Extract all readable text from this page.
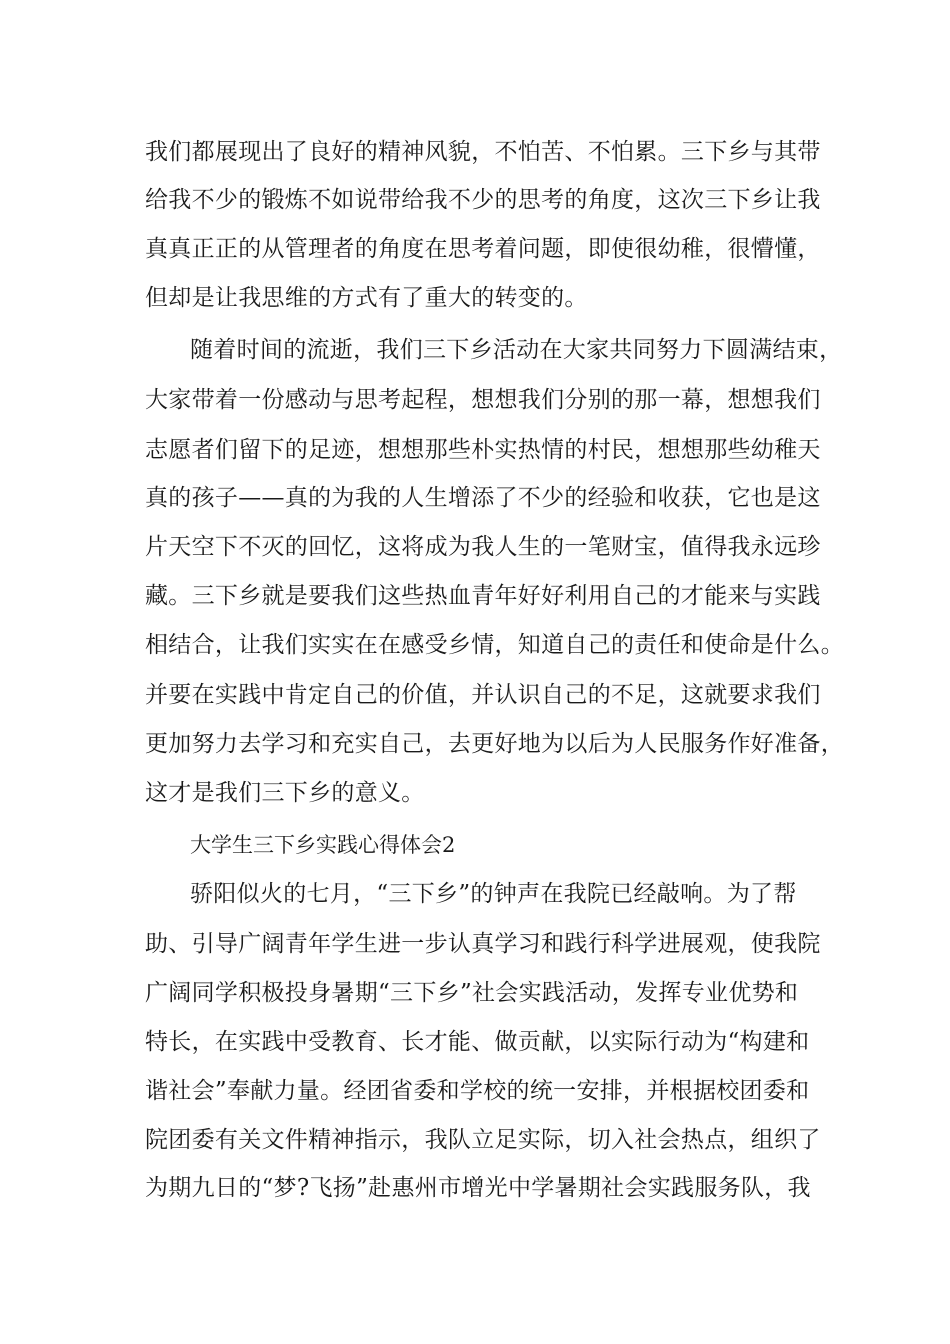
我们都展现出了良好的精神风貌，不怕苦、不怕累。三下乡与其带
给我不少的锻炼不如说带给我不少的思考的角度，这次三下乡让我
真真正正的从管理者的角度在思考着问题，即使很幼稚，很懵懂，
但却是让我思维的方式有了重大的转变的。
随着时间的流逝，我们三下乡活动在大家共同努力下圆满结束，
大家带着一份感动与思考起程，想想我们分别的那一幕，想想我们
志愿者们留下的足迹，想想那些朴实热情的村民，想想那些幼稚天
真的孩子——真的为我的人生增添了不少的经验和收获，它也是这
片天空下不灭的回忆，这将成为我人生的一笔财宝，值得我永远珍
藏。三下乡就是要我们这些热血青年好好利用自己的才能来与实践
相结合，让我们实实在在感受乡情，知道自己的责任和使命是什么。
并要在实践中肯定自己的价值，并认识自己的不足，这就要求我们
更加努力去学习和充实自己，去更好地为以后为人民服务作好准备，
这才是我们三下乡的意义。
大学生三下乡实践心得体会2
骄阳似火的七月，“三下乡”的钟声在我院已经敲响。为了帮
助、引导广阔青年学生进一步认真学习和践行科学进展观，使我院
广阔同学积极投身暑期“三下乡”社会实践活动，发挥专业优势和
特长，在实践中受教育、长才能、做贡献，以实际行动为“构建和
谐社会”奉献力量。经团省委和学校的统一安排，并根据校团委和
院团委有关文件精神指示，我队立足实际，切入社会热点，组织了
为期九日的“梦?飞扬”赴惠州市增光中学暑期社会实践服务队，我
